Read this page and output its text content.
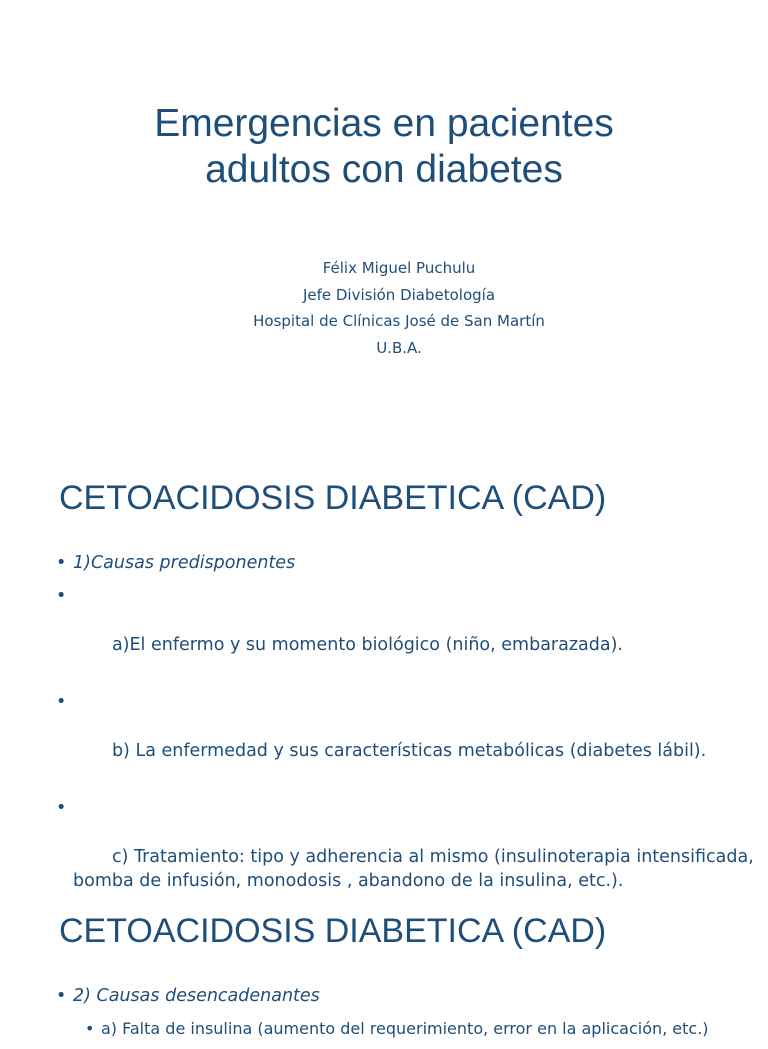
Emergencias en pacientes
adultos con diabetes
Félix Miguel Puchulu
Jefe División Diabetología
Hospital de Clínicas José de San Martín
U.B.A.
CETOACIDOSIS DIABETICA (CAD)
• 1)Causas predisponentes

•

a)El enfermo y su momento biológico (niño, embarazada).

•

b) La enfermedad y sus características metabólicas (diabetes lábil).

•

c) Tratamiento: tipo y adherencia al mismo (insulinoterapia intensificada, bomba de infusión, monodosis , abandono de la insulina, etc.).

CETOACIDOSIS DIABETICA (CAD)
• 2) Causas desencadenantes
• a) Falta de insulina (aumento del requerimiento, error en la aplicación, etc.)
